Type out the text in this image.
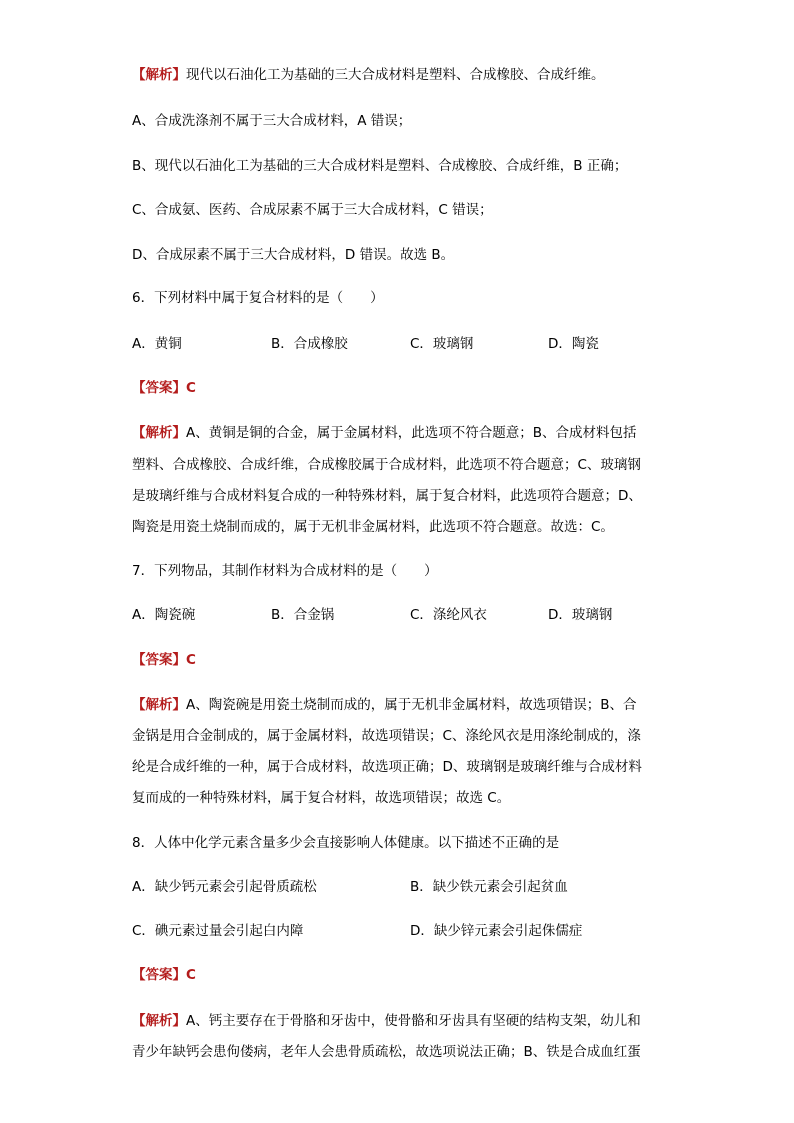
【解析】现代以石油化工为基础的三大合成材料是塑料、合成橡胶、合成纤维。
A、合成洗涤剂不属于三大合成材料，A 错误；
B、现代以石油化工为基础的三大合成材料是塑料、合成橡胶、合成纤维，B 正确；
C、合成氨、医药、合成尿素不属于三大合成材料，C 错误；
D、合成尿素不属于三大合成材料，D 错误。故选 B。
6．下列材料中属于复合材料的是（　　）
A．黄铜	B．合成橡胶	C．玻璃钢	D．陶瓷
【答案】C
【解析】A、黄铜是铜的合金，属于金属材料，此选项不符合题意；B、合成材料包括
塑料、合成橡胶、合成纤维，合成橡胶属于合成材料，此选项不符合题意；C、玻璃钢
是玻璃纤维与合成材料复合成的一种特殊材料，属于复合材料，此选项符合题意；D、
陶瓷是用瓷土烧制而成的，属于无机非金属材料，此选项不符合题意。故选：C。
7．下列物品，其制作材料为合成材料的是（　　）
A．陶瓷碗	B．合金锅	C．涤纶风衣	D．玻璃钢
【答案】C
【解析】A、陶瓷碗是用瓷土烧制而成的，属于无机非金属材料，故选项错误；B、合
金锅是用合金制成的，属于金属材料，故选项错误；C、涤纶风衣是用涤纶制成的，涤
纶是合成纤维的一种，属于合成材料，故选项正确；D、玻璃钢是玻璃纤维与合成材料
复而成的一种特殊材料，属于复合材料，故选项错误；故选 C。
8．人体中化学元素含量多少会直接影响人体健康。以下描述不正确的是
A．缺少钙元素会引起骨质疏松	B．缺少铁元素会引起贫血
C．碘元素过量会引起白内障	D．缺少锌元素会引起侏儒症
【答案】C
【解析】A、钙主要存在于骨胳和牙齿中，使骨骼和牙齿具有坚硬的结构支架，幼儿和
青少年缺钙会患佝偻病，老年人会患骨质疏松，故选项说法正确；B、铁是合成血红蛋
